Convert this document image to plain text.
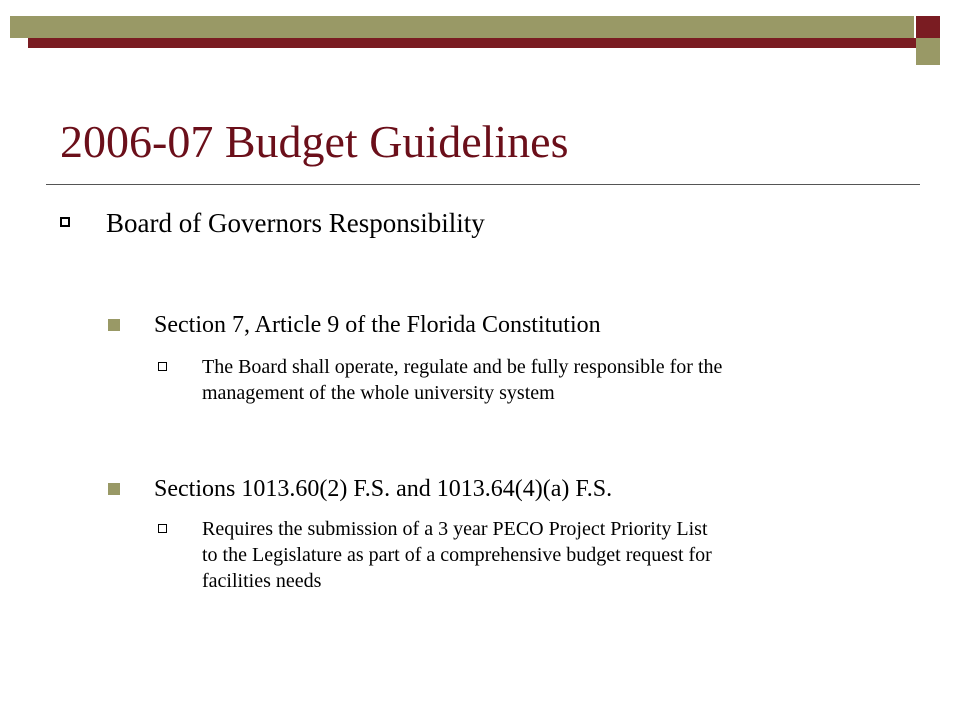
2006-07 Budget Guidelines
Board of Governors Responsibility
Section 7, Article 9 of the Florida Constitution
The Board shall operate, regulate and be fully responsible for the
management of the whole university system
Sections 1013.60(2) F.S. and 1013.64(4)(a) F.S.
Requires the submission of a 3 year PECO Project Priority List
to the Legislature as part of a comprehensive budget request for
facilities needs
